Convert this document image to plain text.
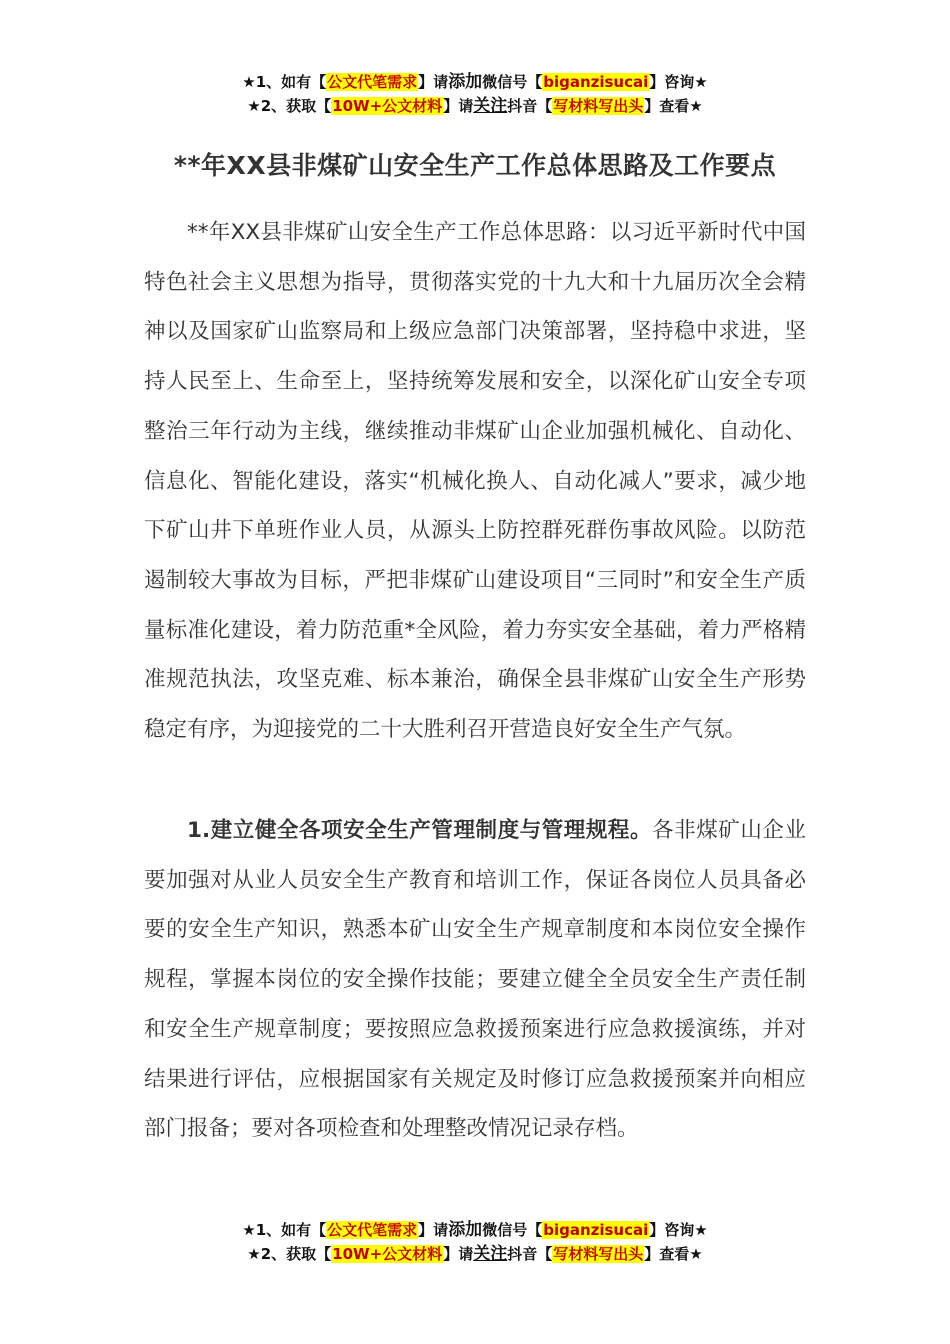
★1、如有【公文代笔需求】请添加微信号【biganzisucai】咨询★
★2、获取【10W+公文材料】请关注抖音【写材料写出头】查看★
**年XX县非煤矿山安全生产工作总体思路及工作要点

**年XX县非煤矿山安全生产工作总体思路：以习近平新时代中国特色社会主义思想为指导，贯彻落实党的十九大和十九届历次全会精神以及国家矿山监察局和上级应急部门决策部署，坚持稳中求进，坚持人民至上、生命至上，坚持统筹发展和安全，以深化矿山安全专项整治三年行动为主线，继续推动非煤矿山企业加强机械化、自动化、信息化、智能化建设，落实“机械化换人、自动化减人”要求，减少地下矿山井下单班作业人员，从源头上防控群死群伤事故风险。以防范遏制较大事故为目标，严把非煤矿山建设项目“三同时”和安全生产质量标准化建设，着力防范重*全风险，着力夯实安全基础，着力严格精准规范执法，攻坚克难、标本兼治，确保全县非煤矿山安全生产形势稳定有序，为迎接党的二十大胜利召开营造良好安全生产气氛。

1.建立健全各项安全生产管理制度与管理规程。各非煤矿山企业要加强对从业人员安全生产教育和培训工作，保证各岗位人员具备必要的安全生产知识，熟悉本矿山安全生产规章制度和本岗位安全操作规程，掌握本岗位的安全操作技能；要建立健全全员安全生产责任制和安全生产规章制度；要按照应急救援预案进行应急救援演练，并对结果进行评估，应根据国家有关规定及时修订应急救援预案并向相应部门报备；要对各项检查和处理整改情况记录存档。

★1、如有【公文代笔需求】请添加微信号【biganzisucai】咨询★
★2、获取【10W+公文材料】请关注抖音【写材料写出头】查看★
